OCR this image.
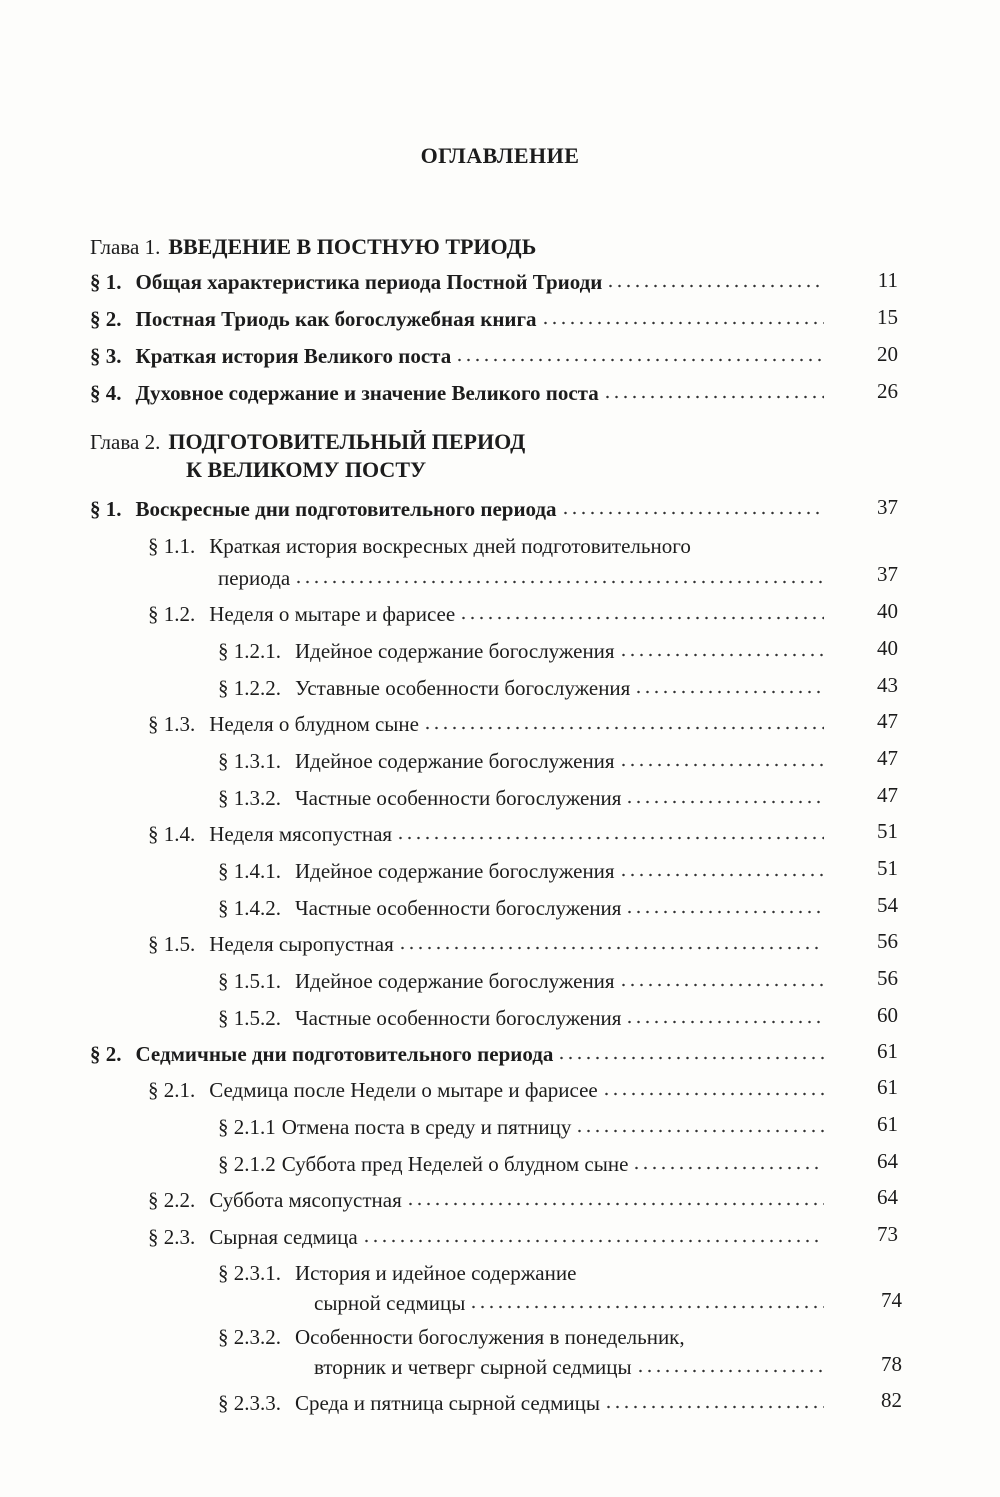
ОГЛАВЛЕНИЕ
Глава 1. ВВЕДЕНИЕ В ПОСТНУЮ ТРИОДЬ
§ 1. Общая характеристика периода Постной Триоди	11
§ 2. Постная Триодь как богослужебная книга	15
§ 3. Краткая история Великого поста	20
§ 4. Духовное содержание и значение Великого поста	26
Глава 2. ПОДГОТОВИТЕЛЬНЫЙ ПЕРИОД
К ВЕЛИКОМУ ПОСТУ
§ 1. Воскресные дни подготовительного периода	37
§ 1.1. Краткая история воскресных дней подготовительного
периода	37
§ 1.2. Неделя о мытаре и фарисее	40
§ 1.2.1. Идейное содержание богослужения	40
§ 1.2.2. Уставные особенности богослужения	43
§ 1.3. Неделя о блудном сыне	47
§ 1.3.1. Идейное содержание богослужения	47
§ 1.3.2. Частные особенности богослужения	47
§ 1.4. Неделя мясопустная	51
§ 1.4.1. Идейное содержание богослужения	51
§ 1.4.2. Частные особенности богослужения	54
§ 1.5. Неделя сыропустная	56
§ 1.5.1. Идейное содержание богослужения	56
§ 1.5.2. Частные особенности богослужения	60
§ 2. Седмичные дни подготовительного периода	61
§ 2.1. Седмица после Недели о мытаре и фарисее	61
§ 2.1.1 Отмена поста в среду и пятницу	61
§ 2.1.2 Суббота пред Неделей о блудном сыне	64
§ 2.2. Суббота мясопустная	64
§ 2.3. Сырная седмица	73
§ 2.3.1. История и идейное содержание
сырной седмицы	74
§ 2.3.2. Особенности богослужения в понедельник,
вторник и четверг сырной седмицы	78
§ 2.3.3. Среда и пятница сырной седмицы	82
